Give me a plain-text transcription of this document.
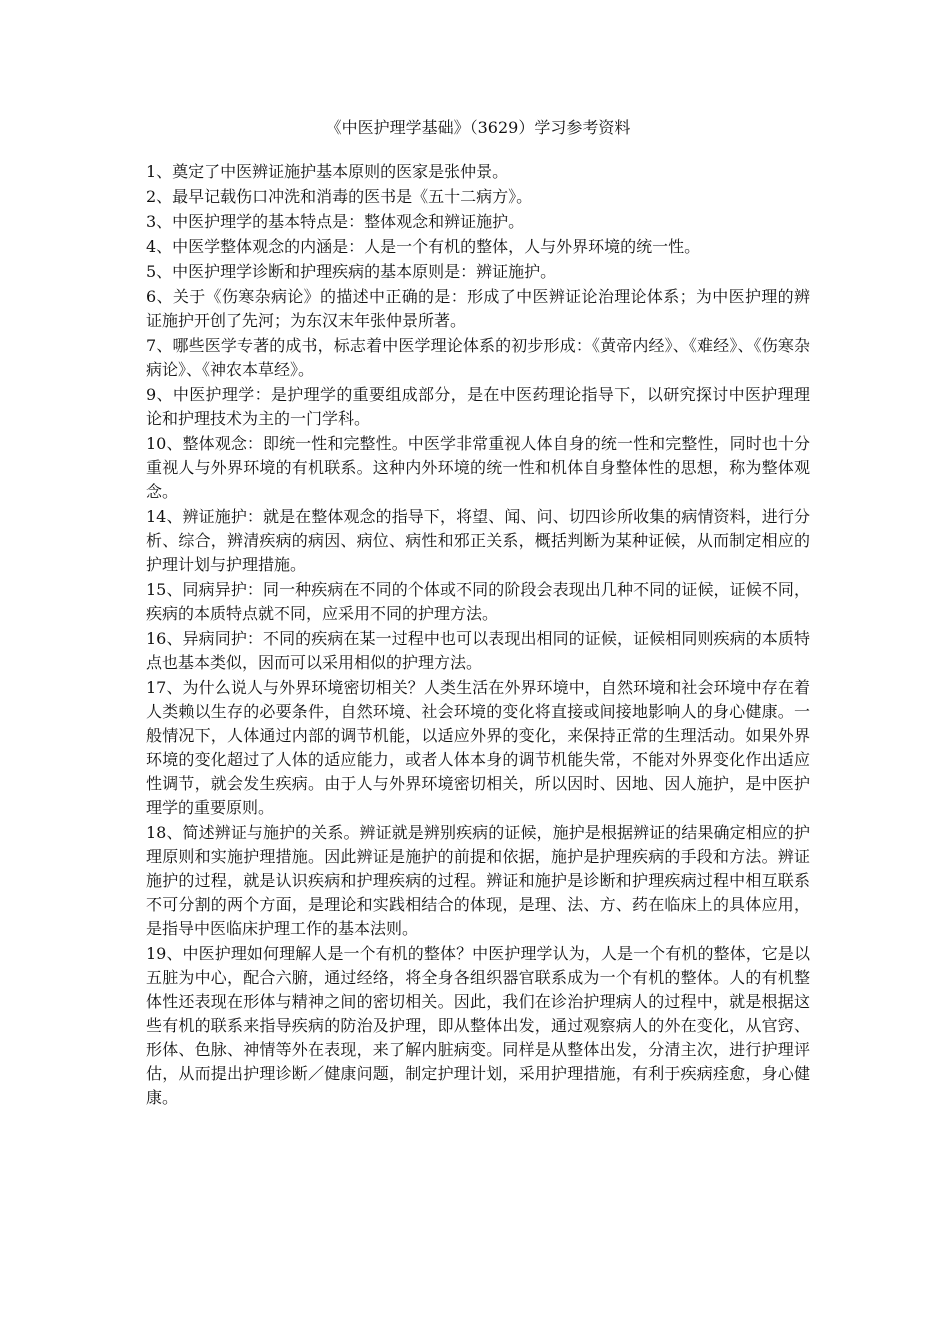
《中医护理学基础》（3629）学习参考资料

1、奠定了中医辨证施护基本原则的医家是张仲景。

2、最早记载伤口冲洗和消毒的医书是《五十二病方》。

3、中医护理学的基本特点是：整体观念和辨证施护。

4、中医学整体观念的内涵是：人是一个有机的整体，人与外界环境的统一性。

5、中医护理学诊断和护理疾病的基本原则是：辨证施护。

6、关于《伤寒杂病论》的描述中正确的是：形成了中医辨证论治理论体系；为中医护理的辨证施护开创了先河；为东汉末年张仲景所著。

7、哪些医学专著的成书，标志着中医学理论体系的初步形成：《黄帝内经》、《难经》、《伤寒杂病论》、《神农本草经》。

9、中医护理学：是护理学的重要组成部分，是在中医药理论指导下，以研究探讨中医护理理论和护理技术为主的一门学科。

10、整体观念：即统一性和完整性。中医学非常重视人体自身的统一性和完整性，同时也十分重视人与外界环境的有机联系。这种内外环境的统一性和机体自身整体性的思想，称为整体观念。

14、辨证施护：就是在整体观念的指导下，将望、闻、问、切四诊所收集的病情资料，进行分析、综合，辨清疾病的病因、病位、病性和邪正关系，概括判断为某种证候，从而制定相应的护理计划与护理措施。

15、同病异护：同一种疾病在不同的个体或不同的阶段会表现出几种不同的证候，证候不同，疾病的本质特点就不同，应采用不同的护理方法。

16、异病同护：不同的疾病在某一过程中也可以表现出相同的证候，证候相同则疾病的本质特点也基本类似，因而可以采用相似的护理方法。

17、为什么说人与外界环境密切相关？人类生活在外界环境中，自然环境和社会环境中存在着人类赖以生存的必要条件，自然环境、社会环境的变化将直接或间接地影响人的身心健康。一般情况下，人体通过内部的调节机能，以适应外界的变化，来保持正常的生理活动。如果外界环境的变化超过了人体的适应能力，或者人体本身的调节机能失常，不能对外界变化作出适应性调节，就会发生疾病。由于人与外界环境密切相关，所以因时、因地、因人施护，是中医护理学的重要原则。

18、简述辨证与施护的关系。辨证就是辨别疾病的证候，施护是根据辨证的结果确定相应的护理原则和实施护理措施。因此辨证是施护的前提和依据，施护是护理疾病的手段和方法。辨证施护的过程，就是认识疾病和护理疾病的过程。辨证和施护是诊断和护理疾病过程中相互联系不可分割的两个方面，是理论和实践相结合的体现，是理、法、方、药在临床上的具体应用，是指导中医临床护理工作的基本法则。

19、中医护理如何理解人是一个有机的整体？中医护理学认为，人是一个有机的整体，它是以五脏为中心，配合六腑，通过经络，将全身各组织器官联系成为一个有机的整体。人的有机整体性还表现在形体与精神之间的密切相关。因此，我们在诊治护理病人的过程中，就是根据这些有机的联系来指导疾病的防治及护理，即从整体出发，通过观察病人的外在变化，从官窍、形体、色脉、神情等外在表现，来了解内脏病变。同样是从整体出发，分清主次，进行护理评估，从而提出护理诊断／健康问题，制定护理计划，采用护理措施，有利于疾病痊愈，身心健康。
